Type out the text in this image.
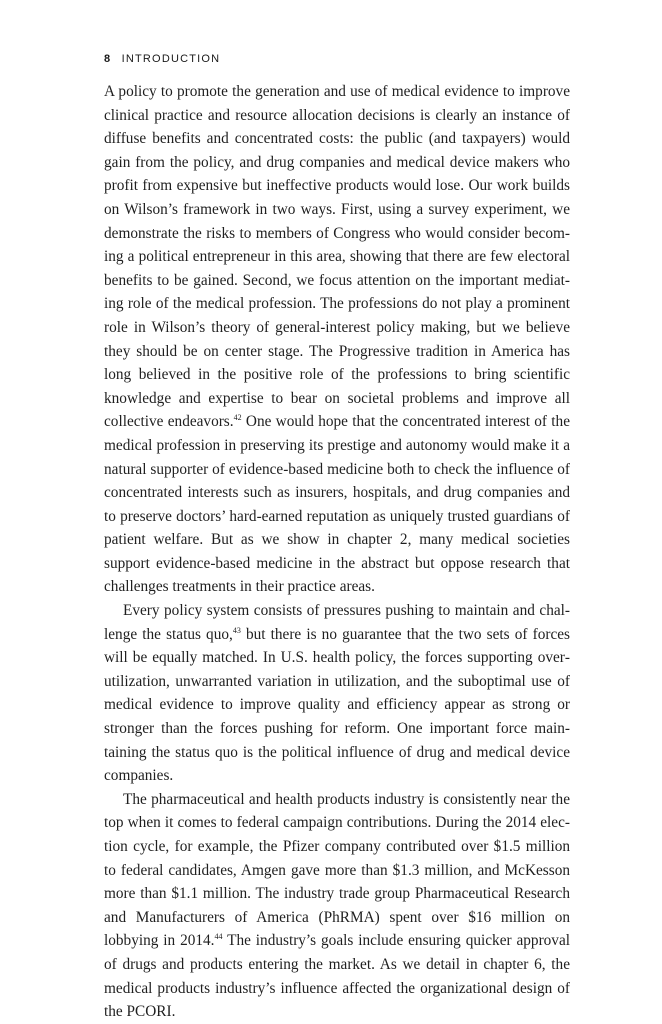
8 INTRODUCTION

A policy to promote the generation and use of medical evidence to improve clinical practice and resource allocation decisions is clearly an instance of diffuse benefits and concentrated costs: the public (and taxpayers) would gain from the policy, and drug companies and medical device makers who profit from expensive but ineffective products would lose. Our work builds on Wilson’s framework in two ways. First, using a survey experiment, we demonstrate the risks to members of Congress who would consider becoming a political entrepreneur in this area, showing that there are few electoral benefits to be gained. Second, we focus attention on the important mediating role of the medical profession. The professions do not play a prominent role in Wilson’s theory of general-interest policy making, but we believe they should be on center stage. The Progressive tradition in America has long believed in the positive role of the professions to bring scientific knowledge and expertise to bear on societal problems and improve all collective endeavors.$^{42}$ One would hope that the concentrated interest of the medical profession in preserving its prestige and autonomy would make it a natural supporter of evidence-based medicine both to check the influence of concentrated interests such as insurers, hospitals, and drug companies and to preserve doctors’ hard-earned reputation as uniquely trusted guardians of patient welfare. But as we show in chapter 2, many medical societies support evidence-based medicine in the abstract but oppose research that challenges treatments in their practice areas.

Every policy system consists of pressures pushing to maintain and challenge the status quo,$^{43}$ but there is no guarantee that the two sets of forces will be equally matched. In U.S. health policy, the forces supporting overutilization, unwarranted variation in utilization, and the suboptimal use of medical evidence to improve quality and efficiency appear as strong or stronger than the forces pushing for reform. One important force maintaining the status quo is the political influence of drug and medical device companies.

The pharmaceutical and health products industry is consistently near the top when it comes to federal campaign contributions. During the 2014 election cycle, for example, the Pfizer company contributed over $1.5 million to federal candidates, Amgen gave more than $1.3 million, and McKesson more than $1.1 million. The industry trade group Pharmaceutical Research and Manufacturers of America (PhRMA) spent over $16 million on lobbying in 2014.44 The industry’s goals include ensuring quicker approval of drugs and products entering the market. As we detail in chapter 6, the medical products industry’s influence affected the organizational design of the PCORI.
